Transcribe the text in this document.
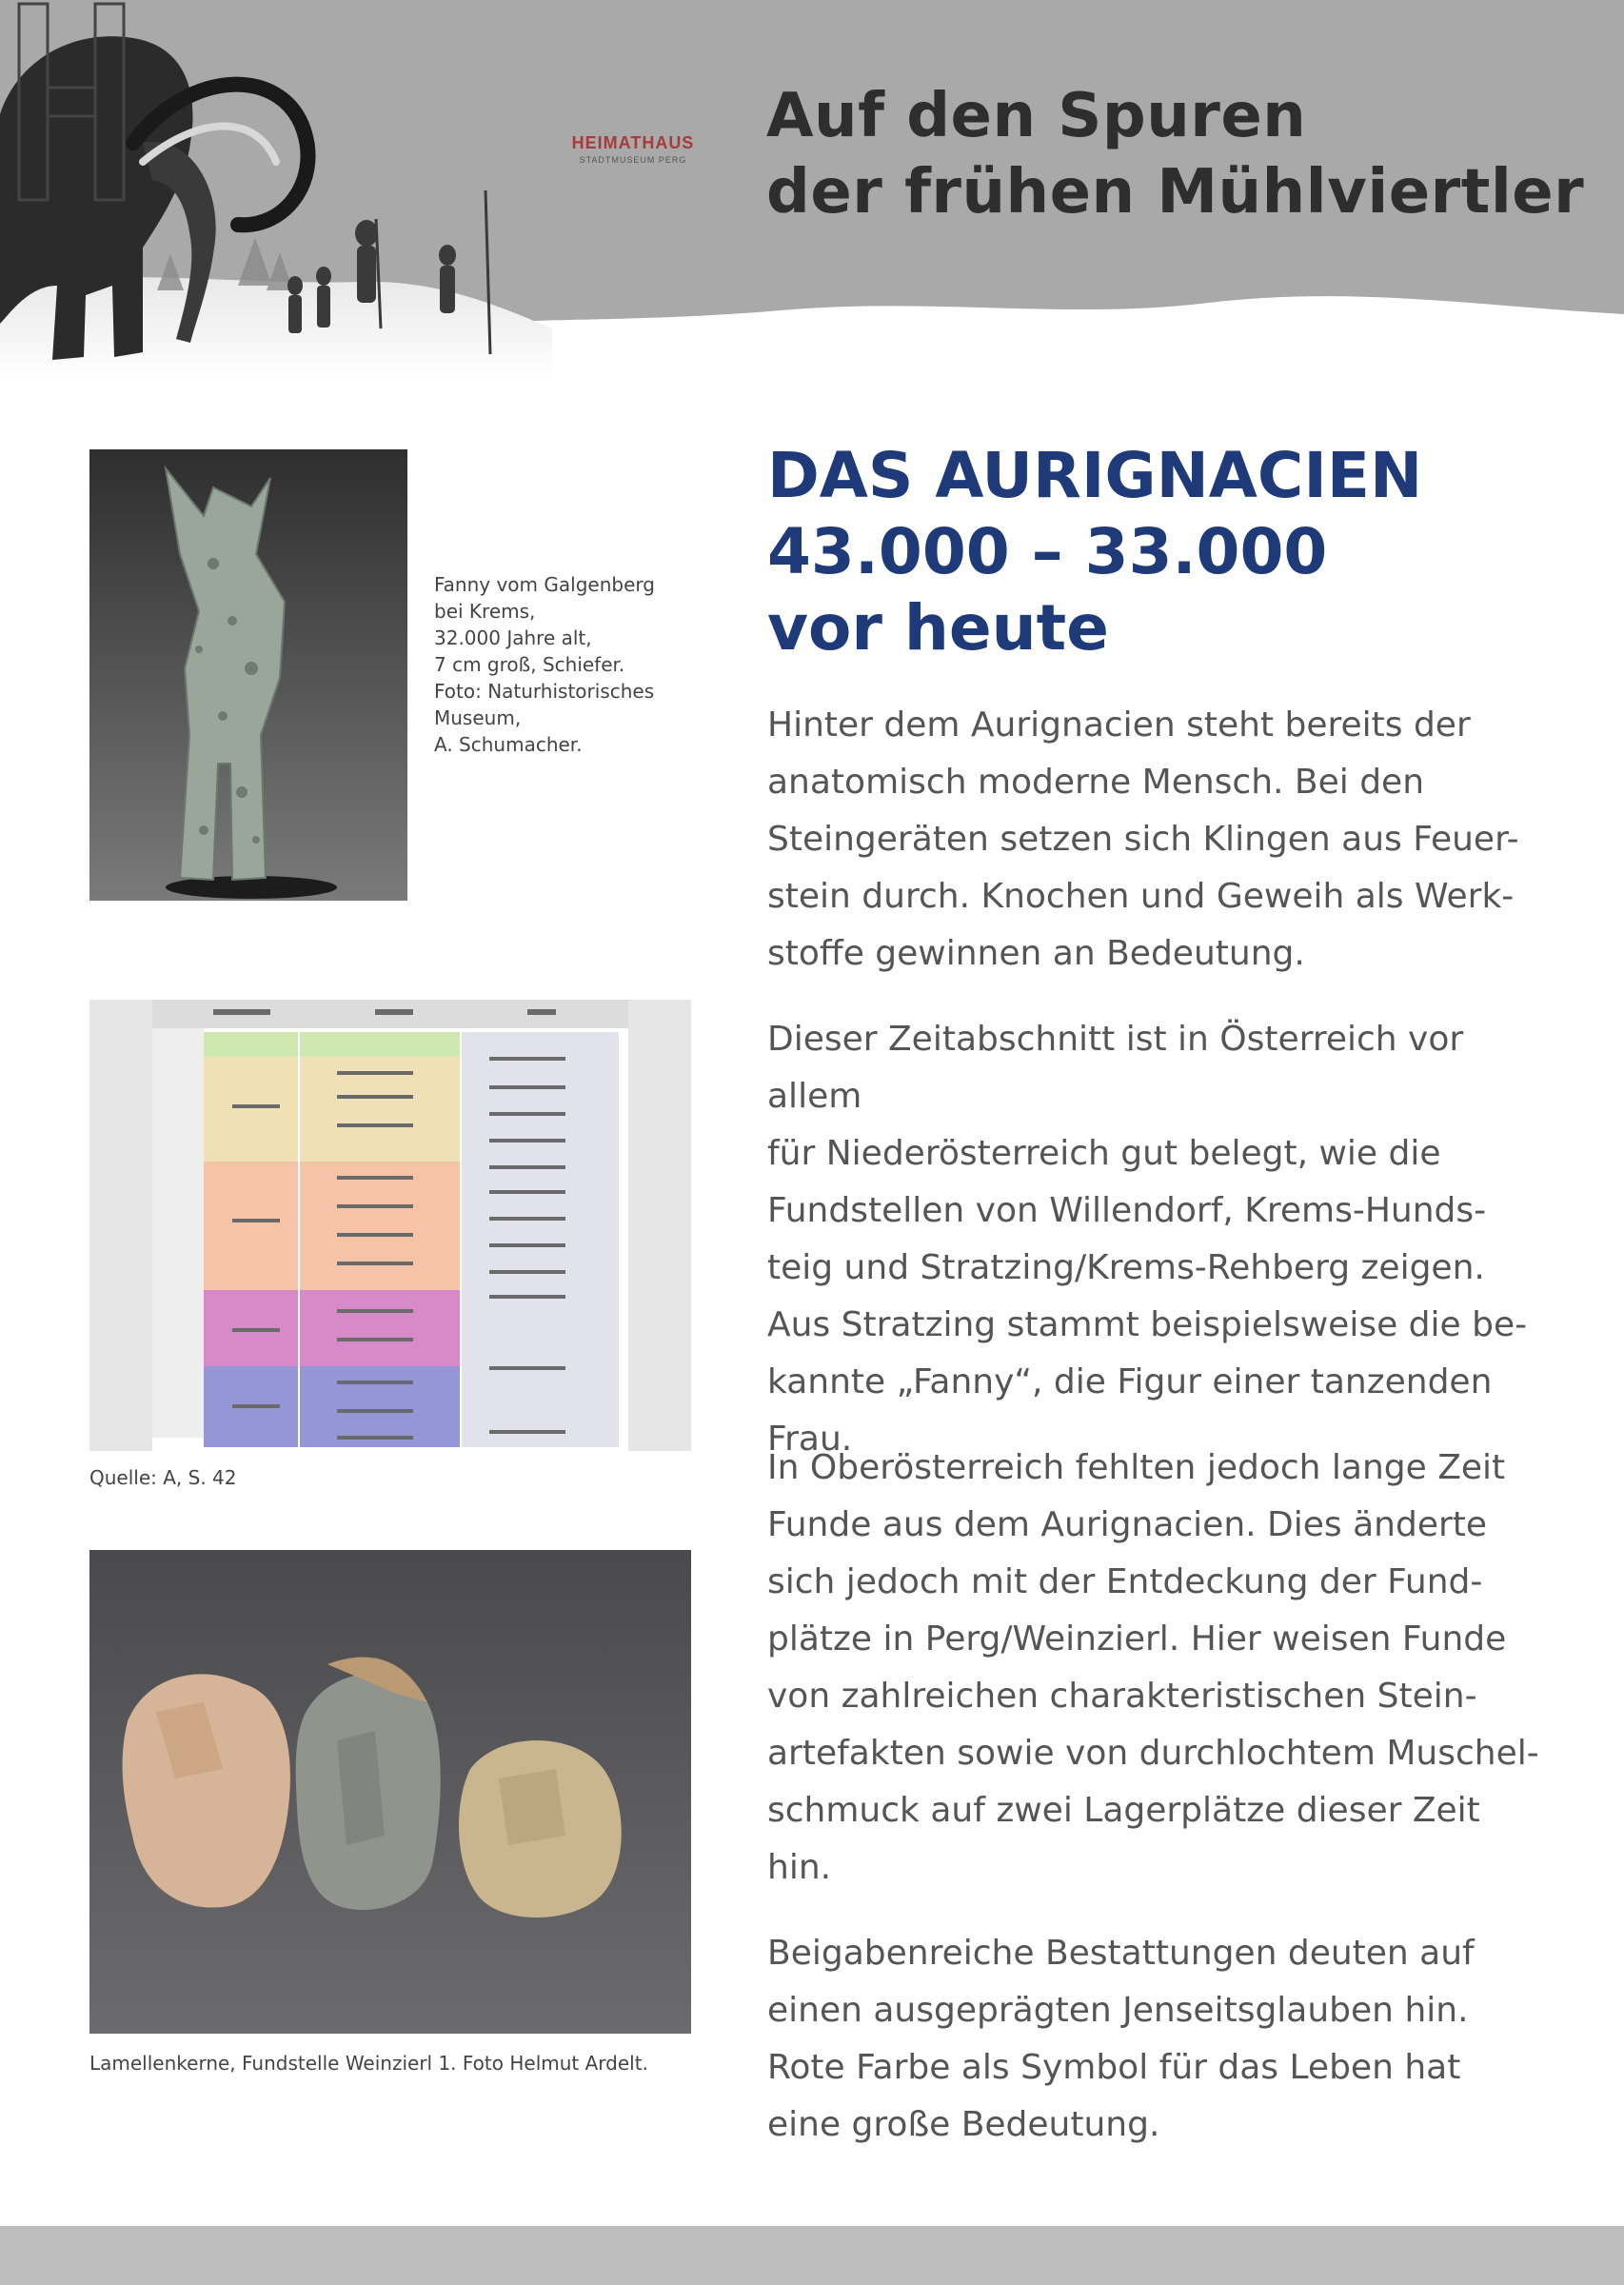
HEIMATHAUS
STADTMUSEUM PERG
Auf den Spuren
der frühen Mühlviertler
Fanny vom Galgenberg
bei Krems,
32.000 Jahre alt,
7 cm groß, Schiefer.
Foto: Naturhistorisches
Museum,
A. Schumacher.
Quelle: A, S. 42
Lamellenkerne, Fundstelle Weinzierl 1. Foto Helmut Ardelt.
DAS AURIGNACIEN
43.000 – 33.000
vor heute
Hinter dem Aurignacien steht bereits der
anatomisch moderne Mensch. Bei den
Steingeräten setzen sich Klingen aus Feuer-
stein durch. Knochen und Geweih als Werk-
stoffe gewinnen an Bedeutung.
Dieser Zeitabschnitt ist in Österreich vor allem
für Niederösterreich gut belegt, wie die
Fundstellen von Willendorf, Krems-Hunds-
teig und Stratzing/Krems-Rehberg zeigen.
Aus Stratzing stammt beispielsweise die be-
kannte „Fanny“, die Figur einer tanzenden
Frau.
In Oberösterreich fehlten jedoch lange Zeit
Funde aus dem Aurignacien. Dies änderte
sich jedoch mit der Entdeckung der Fund-
plätze in Perg/Weinzierl. Hier weisen Funde
von zahlreichen charakteristischen Stein-
artefakten sowie von durchlochtem Muschel-
schmuck auf zwei Lagerplätze dieser Zeit
hin.
Beigabenreiche Bestattungen deuten auf
einen ausgeprägten Jenseitsglauben hin.
Rote Farbe als Symbol für das Leben hat
eine große Bedeutung.
